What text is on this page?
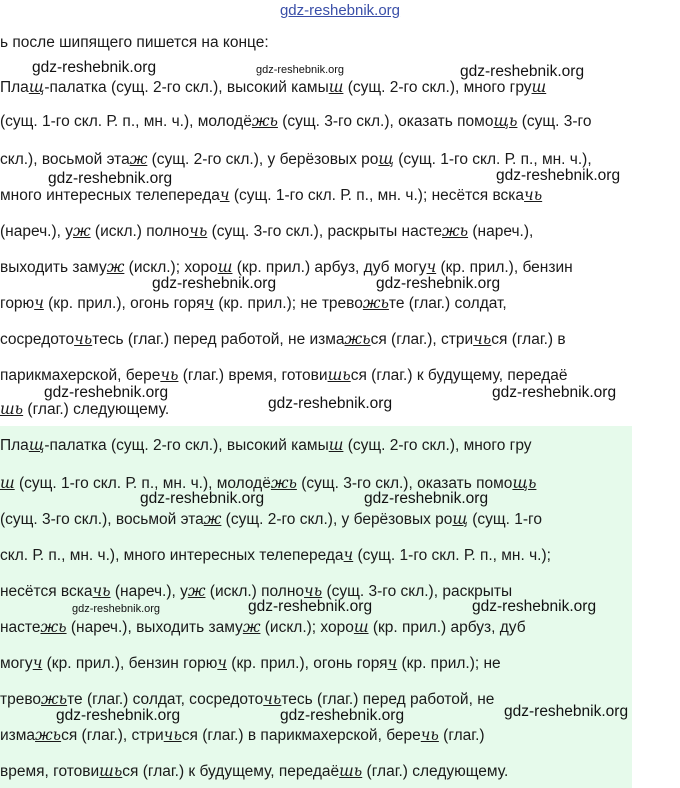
gdz-reshebnik.org
ь после шипящего пишется на конце:
Плащ-палатка (сущ. 2-го скл.), высокий камыш (сущ. 2-го скл.), много груш
(сущ. 1-го скл. Р. п., мн. ч.), молодёжь (сущ. 3-го скл.), оказать помощь (сущ. 3-го
скл.), восьмой этаж (сущ. 2-го скл.), у берёзовых рощ (сущ. 1-го скл. Р. п., мн. ч.),
много интересных телепередач (сущ. 1-го скл. Р. п., мн. ч.); несётся вскачь
(нареч.), уж (искл.) полночь (сущ. 3-го скл.), раскрыты настежь (нареч.),
выходить замуж (искл.); хорош (кр. прил.) арбуз, дуб могуч (кр. прил.), бензин
горюч (кр. прил.), огонь горяч (кр. прил.); не тревожьте (глаг.) солдат,
сосредоточьтесь (глаг.) перед работой, не измажься (глаг.), стричься (глаг.) в
парикмахерской, беречь (глаг.) время, готовишься (глаг.) к будущему, передаё
шь (глаг.) следующему.
Плащ-палатка (сущ. 2-го скл.), высокий камыш (сущ. 2-го скл.), много гру
ш (сущ. 1-го скл. Р. п., мн. ч.), молодёжь (сущ. 3-го скл.), оказать помощь
(сущ. 3-го скл.), восьмой этаж (сущ. 2-го скл.), у берёзовых рощ (сущ. 1-го
скл. Р. п., мн. ч.), много интересных телепередач (сущ. 1-го скл. Р. п., мн. ч.);
несётся вскачь (нареч.), уж (искл.) полночь (сущ. 3-го скл.), раскрыты
настежь (нареч.), выходить замуж (искл.); хорош (кр. прил.) арбуз, дуб
могуч (кр. прил.), бензин горюч (кр. прил.), огонь горяч (кр. прил.); не
тревожьте (глаг.) солдат, сосредоточьтесь (глаг.) перед работой, не
измажься (глаг.), стричься (глаг.) в парикмахерской, беречь (глаг.)
время, готовишься (глаг.) к будущему, передаёшь (глаг.) следующему.
gdz-reshebnik.org	gdz-reshebnik.org	gdz-reshebnik.org
gdz-reshebnik.org	gdz-reshebnik.org
gdz-reshebnik.org	gdz-reshebnik.org
gdz-reshebnik.org
gdz-reshebnik.org
gdz-reshebnik.org
gdz-reshebnik.org	gdz-reshebnik.org
gdz-reshebnik.org	gdz-reshebnik.org	gdz-reshebnik.org
gdz-reshebnik.org	gdz-reshebnik.org	gdz-reshebnik.org
